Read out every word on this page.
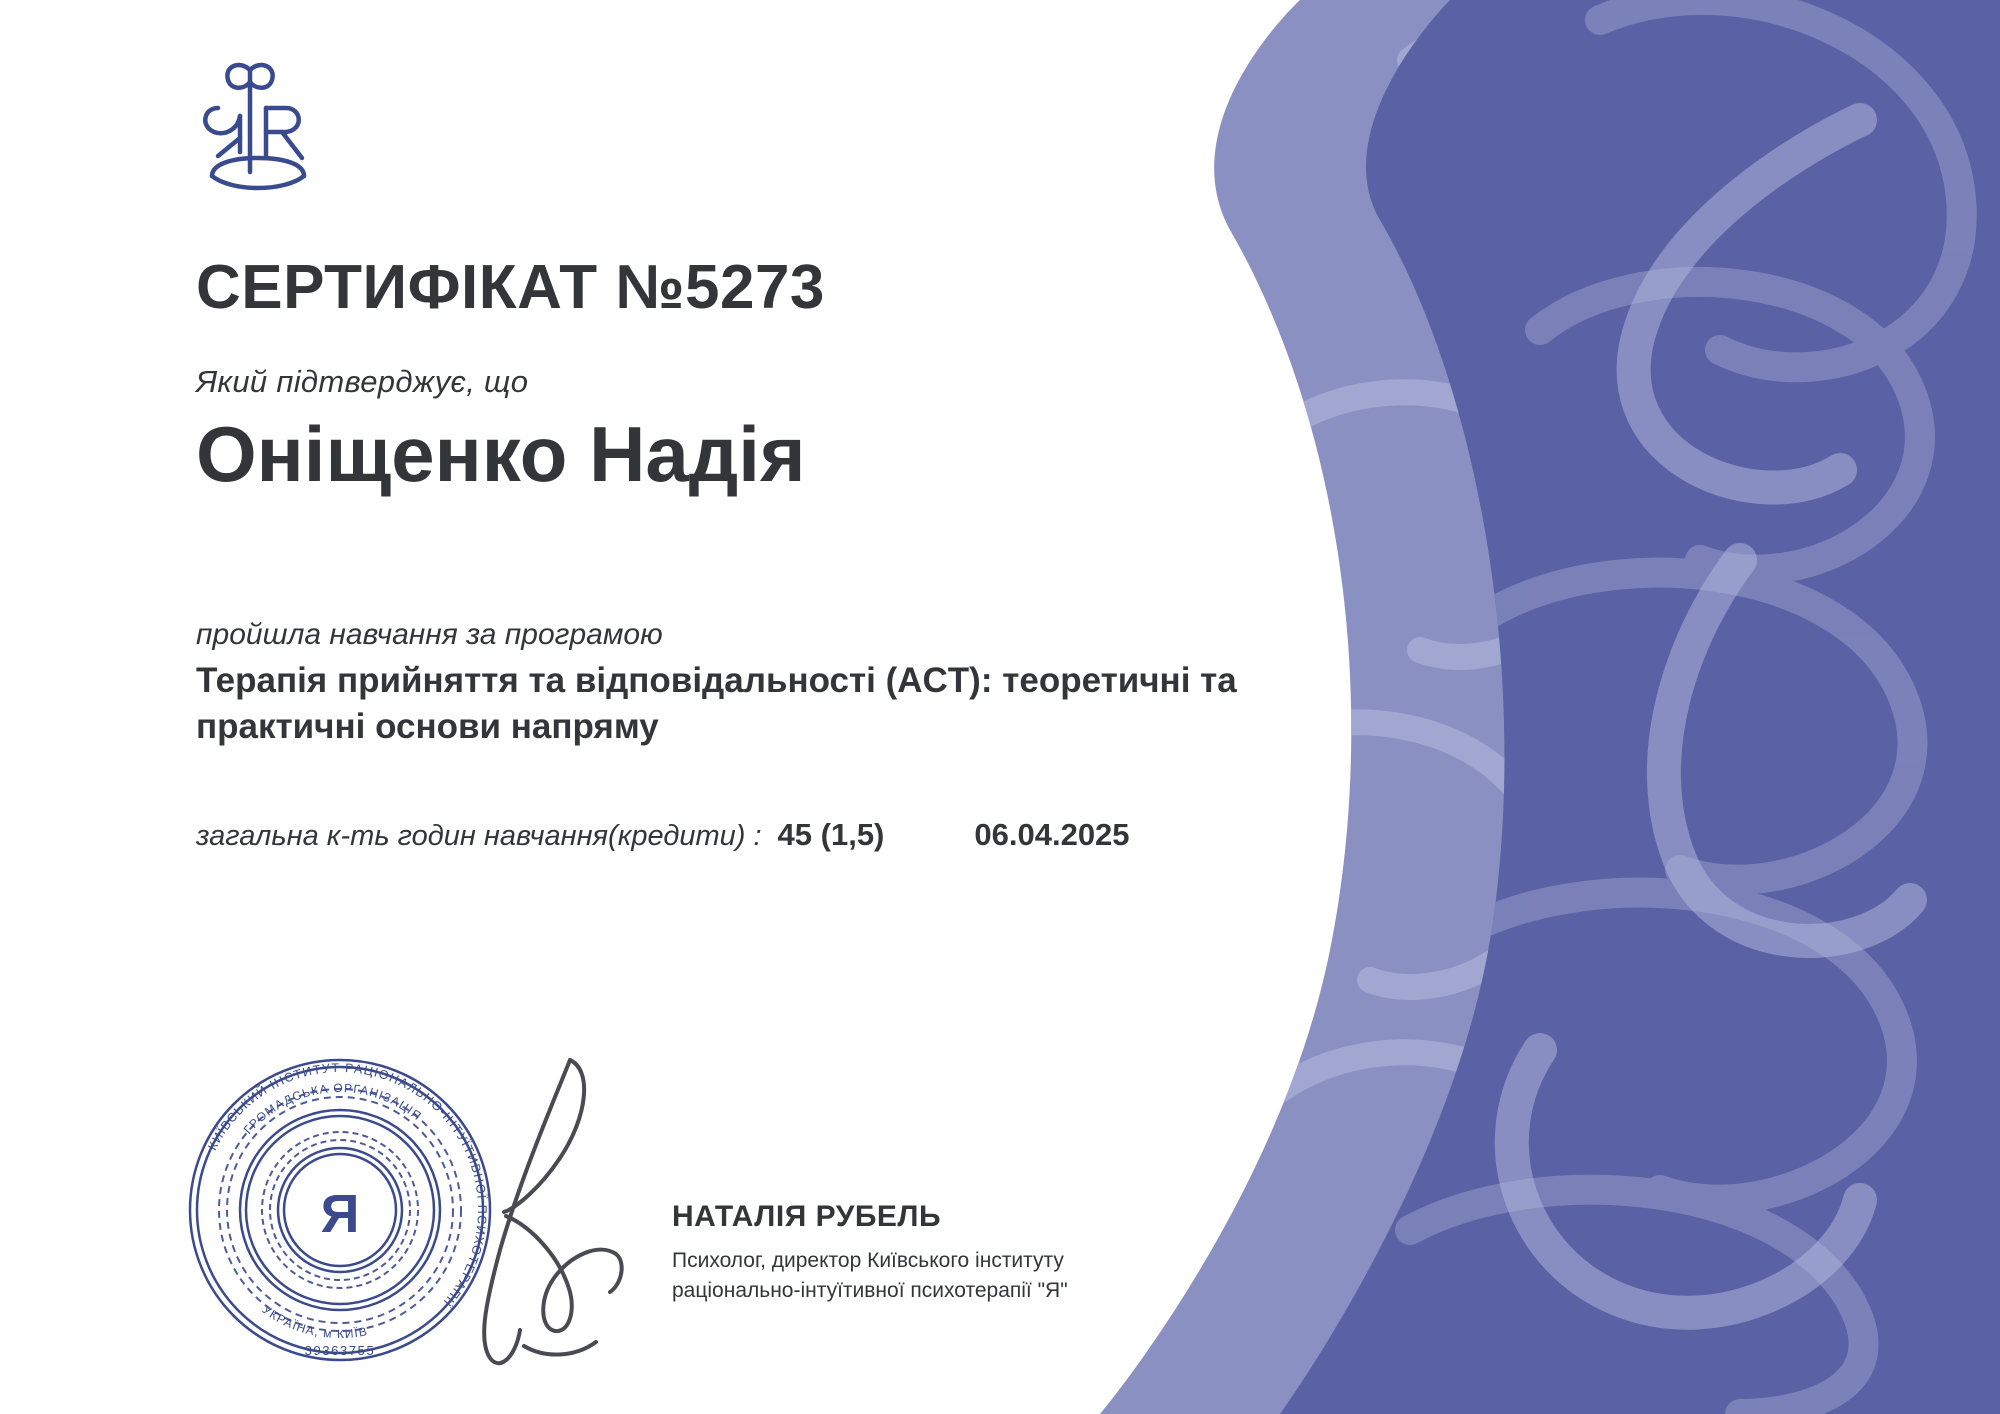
СЕРТИФІКАТ №5273

Який підтверджує, що

Оніщенко Надія

пройшла навчання за програмою

Терапія прийняття та відповідальності (ACT): теоретичні та практичні основи напряму
загальна к-ть годин навчання(кредити) : 45 (1,5)	06.04.2025
КИЇВСЬКИЙ ІНСТИТУТ РАЦІОНАЛЬНО-ІНТУЇТИВНОЇ ПСИХОТЕРАПІЇ
ГРОМАДСЬКА ОРГАНІЗАЦІЯ
УКРАЇНА, м КИЇВ
39363755
Я	НАТАЛІЯ РУБЕЛЬ

Психолог, директор Київського інституту раціонально-інтуїтивної психотерапії "Я"
